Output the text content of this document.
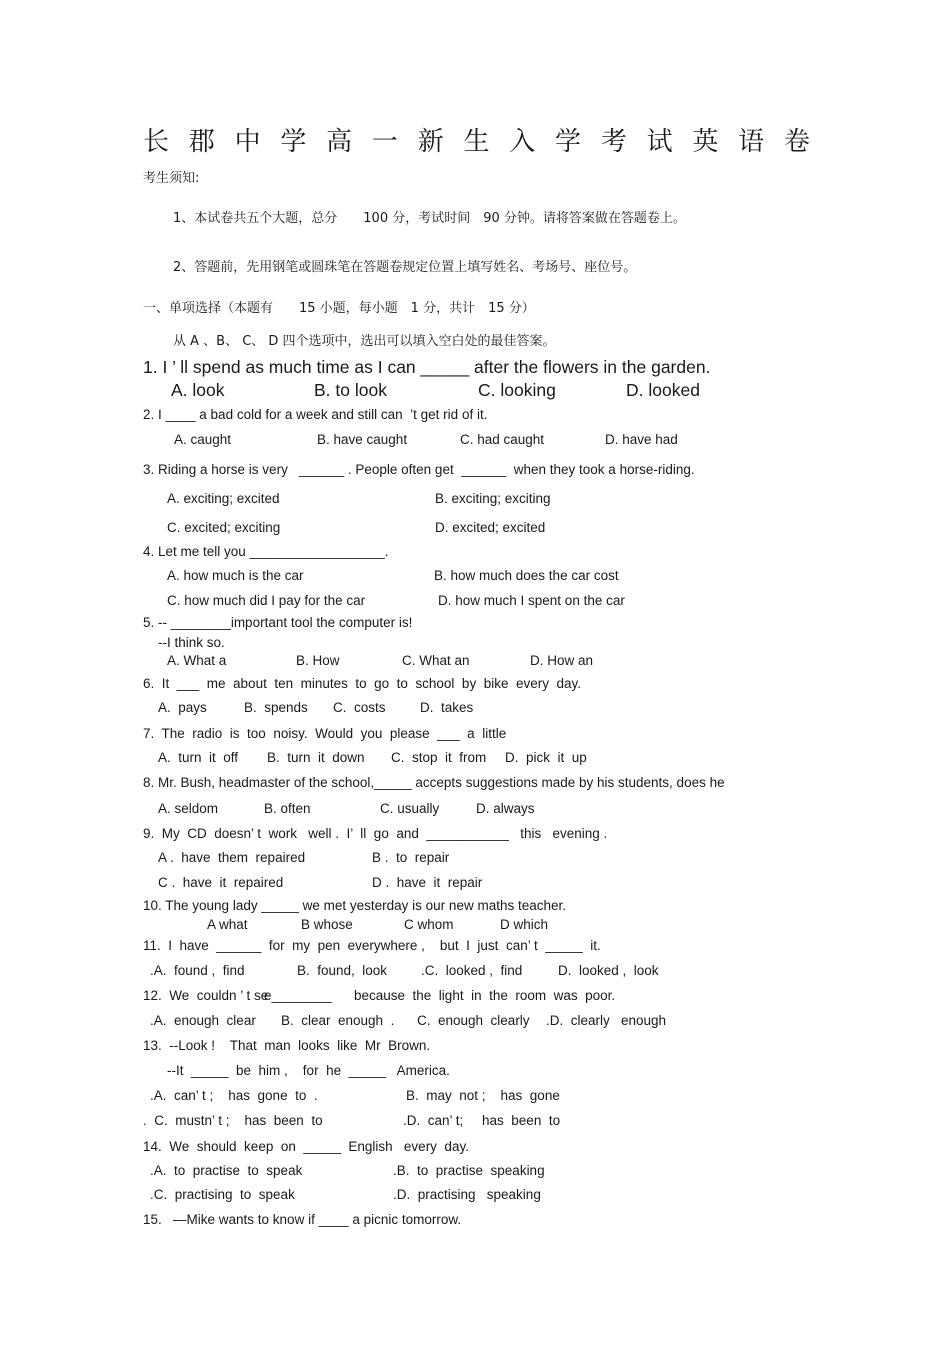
长 郡 中 学 高 一 新 生 入 学 考 试 英 语 卷
考生须知:
1、本试卷共五个大题，总分　　100 分，考试时间　90 分钟。请将答案做在答题卷上。
2、答题前，先用钢笔或圆珠笔在答题卷规定位置上填写姓名、考场号、座位号。
一、单项选择（本题有　　15 小题，每小题　1 分，共计　15 分）
从 A 、B、 C、 D 四个选项中，选出可以填入空白处的最佳答案。
1. I ’ ll spend as much time as I can _____ after the flowers in the garden.
A. look	B. to look	C. looking	D. looked
2. I ____ a bad cold for a week and still can  ’t get rid of it.
A. caught	B. have caught	C. had caught	D. have had
3. Riding a horse is very   ______ . People often get  ______  when they took a horse-riding.
A. exciting; excited	B. exciting; exciting
C. excited; exciting	D. excited; excited
4. Let me tell you __________________.
A. how much is the car	B. how much does the car cost
C. how much did I pay for the car	D. how much I spent on the car
5. -- ________important tool the computer is!
--I think so.
A. What a	B. How	C. What an	D. How an
6.  It  ___  me  about  ten  minutes  to  go  to  school  by  bike  every  day.
A.  pays	B.  spends C.  costs	D.  takes
7.  The  radio  is  too  noisy.  Would  you  please  ___  a  little
A.  turn  it  off B.  turn  it  down C.  stop  it  from D.  pick  it  up
8. Mr. Bush, headmaster of the school,_____ accepts suggestions made by his students, does he
A. seldom	B. often	C. usually	D. always
9.  My  CD  doesn’ t  work   well .  I’  ll  go  and  ___________   this   evening .
A .  have  them  repaired	B .  to  repair
C .  have  it  repaired	D .  have  it  repair
10. The young lady _____ we met yesterday is our new maths teacher.
A what	B whose	C whom	D which
11.  I  have  ______  for  my  pen  everywhere ,    but  I  just  can’ t  _____  it.
.A.  found ,  find	B.  found,  look	.C.  looked ,  find	D.  looked ,  look
12.  We  couldn ’ t se
e________ because  the  light  in  the  room  was  poor.
.A.  enough  clear B.  clear  enough  . C.  enough  clearly .D.  clearly   enough
13.  --Look !    That  man  looks  like  Mr  Brown.
--It  _____  be  him ,    for  he  _____   America.
.A.  can’ t ;    has  gone  to  .	B.  may  not ;    has  gone
.  C.  mustn’ t ;    has  been  to	.D.  can’ t;     has  been  to
14.  We  should  keep  on  _____  English   every  day.
.A.  to  practise  to  speak	.B.  to  practise  speaking
.C.  practising  to  speak	.D.  practising   speaking
15.   —Mike wants to know if ____ a picnic tomorrow.
